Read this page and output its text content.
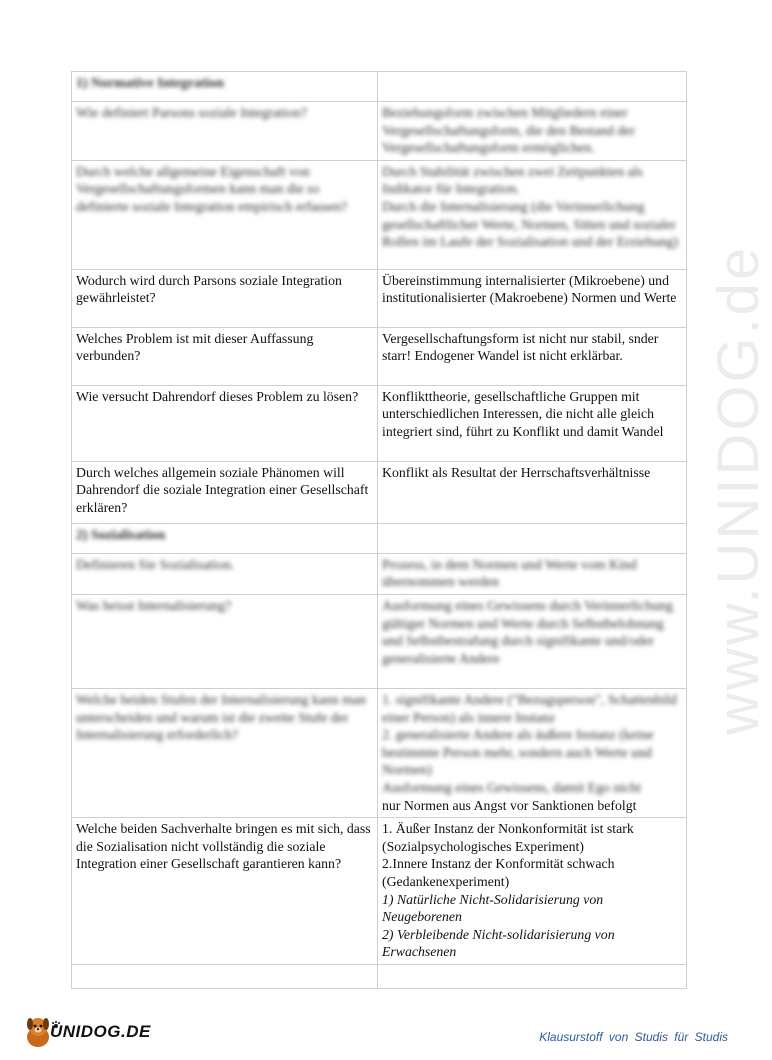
www.UNIDOG.de
1) Normative Integration	
Wie definiert Parsons soziale Integration?	Beziehungsform zwischen Mitgliedern einer Vergesellschaftungsform, die den Bestand der Vergesellschaftungsform ermöglichen.
Durch welche allgemeine Eigenschaft von Vergesellschaftungsformen kann man die so definierte soziale Integration empirisch erfassen?	Durch Stabilität zwischen zwei Zeitpunkten als Indikator für Integration.
Durch die Internalisierung (die Verinnerlichung gesellschaftlicher Werte, Normen, Sitten und sozialer Rollen im Laufe der Sozialisation und der Erziehung)

Wodurch wird durch Parsons soziale Integration gewährleistet?	Übereinstimmung internalisierter (Mikroebene) und institutionalisierter (Makroebene) Normen und Werte
Welches Problem ist mit dieser Auffassung verbunden?	Vergesellschaftungsform ist nicht nur stabil, snder starr! Endogener Wandel ist nicht erklärbar.
Wie versucht Dahrendorf dieses Problem zu lösen?	Konflikttheorie, gesellschaftliche Gruppen mit unterschiedlichen Interessen, die nicht alle gleich integriert sind, führt zu Konflikt und damit Wandel
Durch welches allgemein soziale Phänomen will Dahrendorf die soziale Integration einer Gesellschaft erklären?	Konflikt als Resultat der Herrschaftsverhältnisse
2) Sozialisation	
Definieren Sie Sozialisation.	Prozess, in dem Normen und Werte vom Kind übernommen werden
Was heisst Internalisierung?	Ausformung eines Gewissens durch Verinnerlichung gültiger Normen und Werte durch Selbstbelohnung und Selbstbestrafung durch signifikante und/oder generalisierte Andere
Welche beiden Stufen der Internalisierung kann man unterscheiden und warum ist die zweite Stufe der Internalisierung erforderlich?	1. signifikante Andere ("Bezugsperson", Schattenbild einer Person) als innere Instanz
2. generalisierte Andere als äußere Instanz (keine bestimmte Person mehr, sondern auch Werte und Normen)
Ausformung eines Gewissens, damit Ego nicht
nur Normen aus Angst vor Sanktionen befolgt

Welche beiden Sachverhalte bringen es mit sich, dass die Sozialisation nicht vollständig die soziale Integration einer Gesellschaft garantieren kann?	1. Äußer Instanz der Nonkonformität ist stark (Sozialpsychologisches Experiment)
2.Innere Instanz der Konformität schwach (Gedankenexperiment)
1) Natürliche Nicht-Solidarisierung von Neugeborenen
2) Verbleibende Nicht-solidarisierung von Erwachsenen

UNIDOG.DE	Klausurstoff von Studis für Studis
